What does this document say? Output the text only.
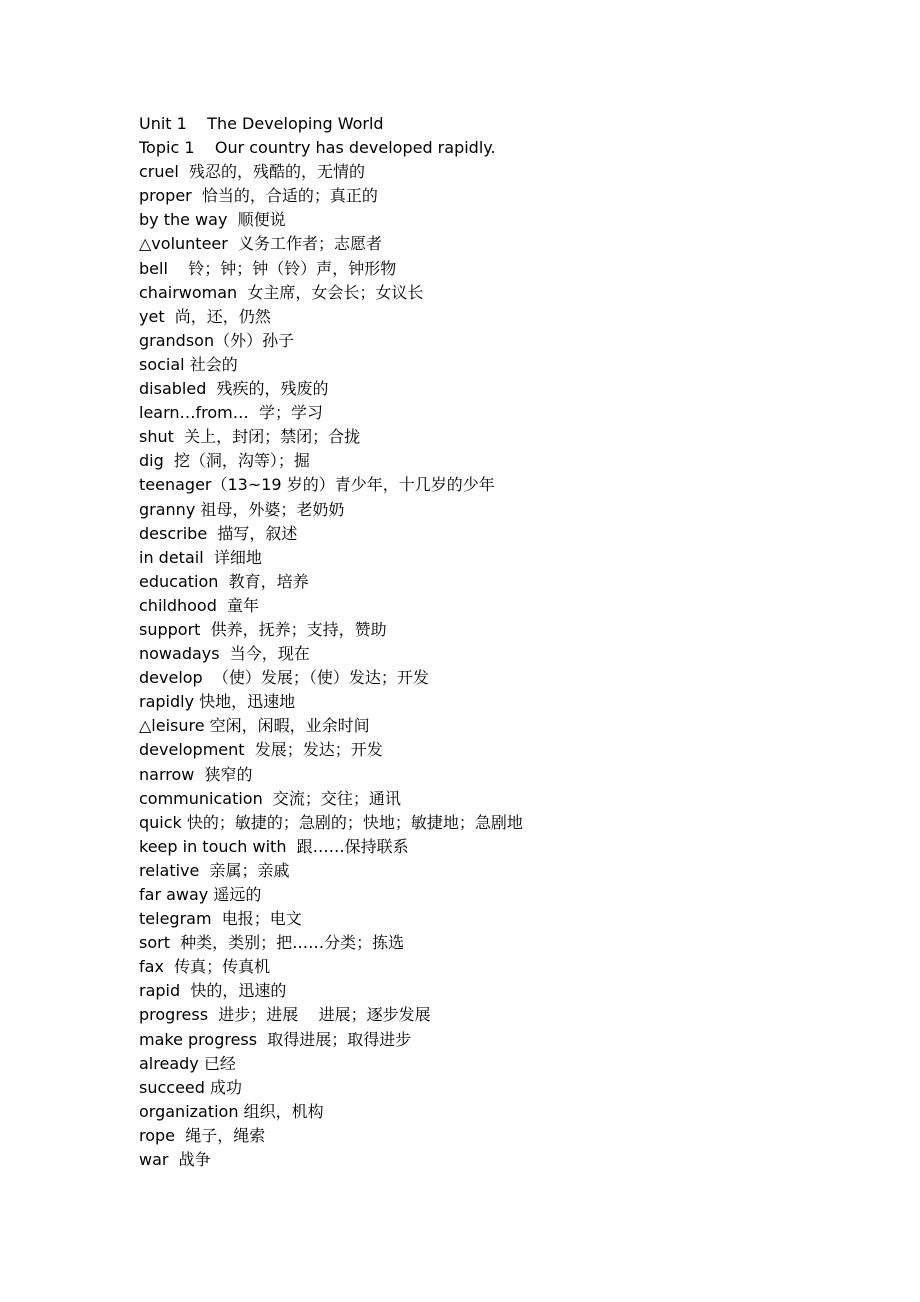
Unit 1    The Developing World
Topic 1    Our country has developed rapidly.
cruel  残忍的，残酷的，无情的
proper  恰当的，合适的；真正的
by the way  顺便说
△volunteer  义务工作者；志愿者
bell    铃；钟；钟（铃）声，钟形物
chairwoman  女主席，女会长；女议长
yet  尚，还，仍然
grandson（外）孙子
social 社会的
disabled  残疾的，残废的
learn…from…  学；学习
shut  关上，封闭；禁闭；合拢
dig  挖（洞，沟等）；掘
teenager（13~19 岁的）青少年，十几岁的少年
granny 祖母，外婆；老奶奶
describe  描写，叙述
in detail  详细地
education  教育，培养
childhood  童年
support  供养，抚养；支持，赞助
nowadays  当今，现在
develop  （使）发展；（使）发达；开发
rapidly 快地，迅速地
△leisure 空闲，闲暇，业余时间
development  发展；发达；开发
narrow  狭窄的
communication  交流；交往；通讯
quick 快的；敏捷的；急剧的；快地；敏捷地；急剧地
keep in touch with  跟……保持联系
relative  亲属；亲戚
far away 遥远的
telegram  电报；电文
sort  种类，类别；把……分类；拣选
fax  传真；传真机
rapid  快的，迅速的
progress  进步；进展    进展；逐步发展
make progress  取得进展；取得进步
already 已经
succeed 成功
organization 组织，机构
rope  绳子，绳索
war  战争
